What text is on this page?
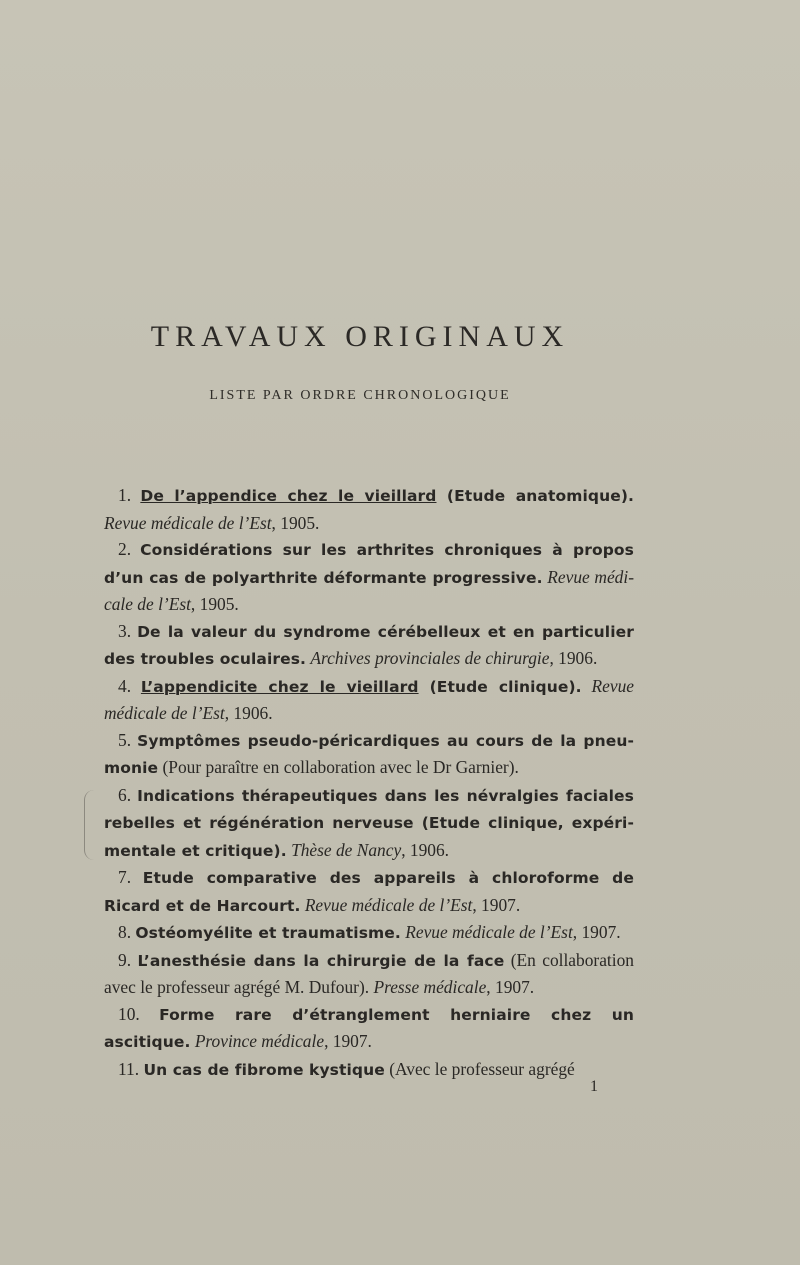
TRAVAUX ORIGINAUX
LISTE PAR ORDRE CHRONOLOGIQUE

1. De l’appendice chez le vieillard (Etude anatomique). Revue médicale de l’Est, 1905.

2. Considérations sur les arthrites chroniques à propos d’un cas de polyarthrite déformante progressive. Revue médi-cale de l’Est, 1905.

3. De la valeur du syndrome cérébelleux et en particulier des troubles oculaires. Archives provinciales de chirurgie, 1906.

4. L’appendicite chez le vieillard (Etude clinique). Revue médicale de l’Est, 1906.

5. Symptômes pseudo-péricardiques au cours de la pneu-monie (Pour paraître en collaboration avec le Dr Garnier).

6. Indications thérapeutiques dans les névralgies faciales rebelles et régénération nerveuse (Etude clinique, expéri-mentale et critique). Thèse de Nancy, 1906.

7. Etude comparative des appareils à chloroforme de Ricard et de Harcourt. Revue médicale de l’Est, 1907.

8. Ostéomyélite et traumatisme. Revue médicale de l’Est, 1907.

9. L’anesthésie dans la chirurgie de la face (En collaboration avec le professeur agrégé M. Dufour). Presse médicale, 1907.

10. Forme rare d’étranglement herniaire chez un ascitique. Province médicale, 1907.

11. Un cas de fibrome kystique (Avec le professeur agrégé

1
